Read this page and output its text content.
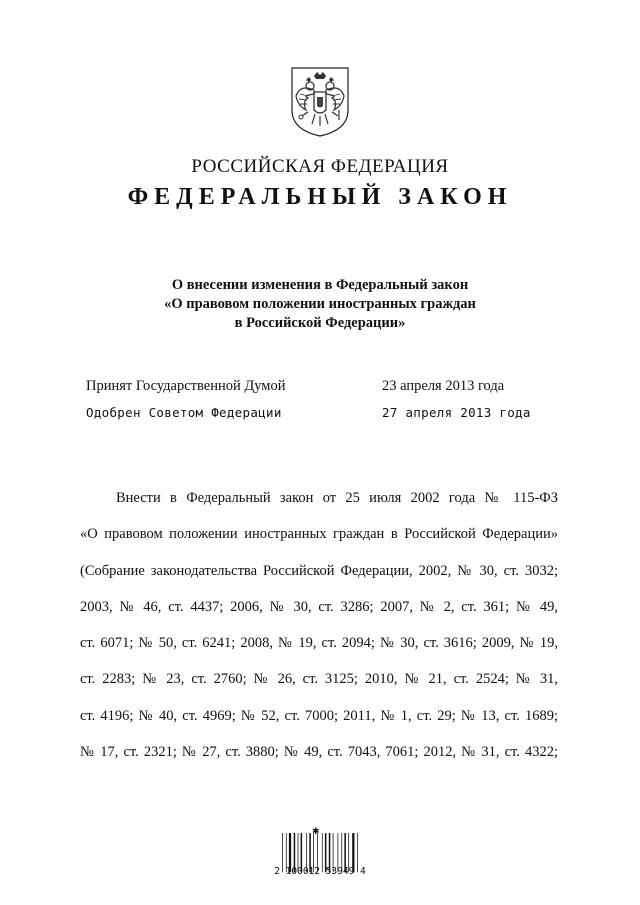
РОССИЙСКАЯ ФЕДЕРАЦИЯ
ФЕДЕРАЛЬНЫЙ ЗАКОН
О внесении изменения в Федеральный закон
«О правовом положении иностранных граждан
в Российской Федерации»
Принят Государственной Думой	23 апреля 2013 года
Одобрен Советом Федерации	27 апреля 2013 года
Внести в Федеральный закон от 25 июля 2002 года № 115-ФЗ
«О правовом положении иностранных граждан в Российской Федерации»
(Собрание законодательства Российской Федерации, 2002, № 30, ст. 3032;
2003, № 46, ст. 4437; 2006, № 30, ст. 3286; 2007, № 2, ст. 361; № 49,
ст. 6071; № 50, ст. 6241; 2008, № 19, ст. 2094; № 30, ст. 3616; 2009, № 19,
ст. 2283; № 23, ст. 2760; № 26, ст. 3125; 2010, № 21, ст. 2524; № 31,
ст. 4196; № 40, ст. 4969; № 52, ст. 7000; 2011, № 1, ст. 29; № 13, ст. 1689;
№ 17, ст. 2321; № 27, ст. 3880; № 49, ст. 7043, 7061; 2012, № 31, ст. 4322;
✱
2 100012 53949 4
